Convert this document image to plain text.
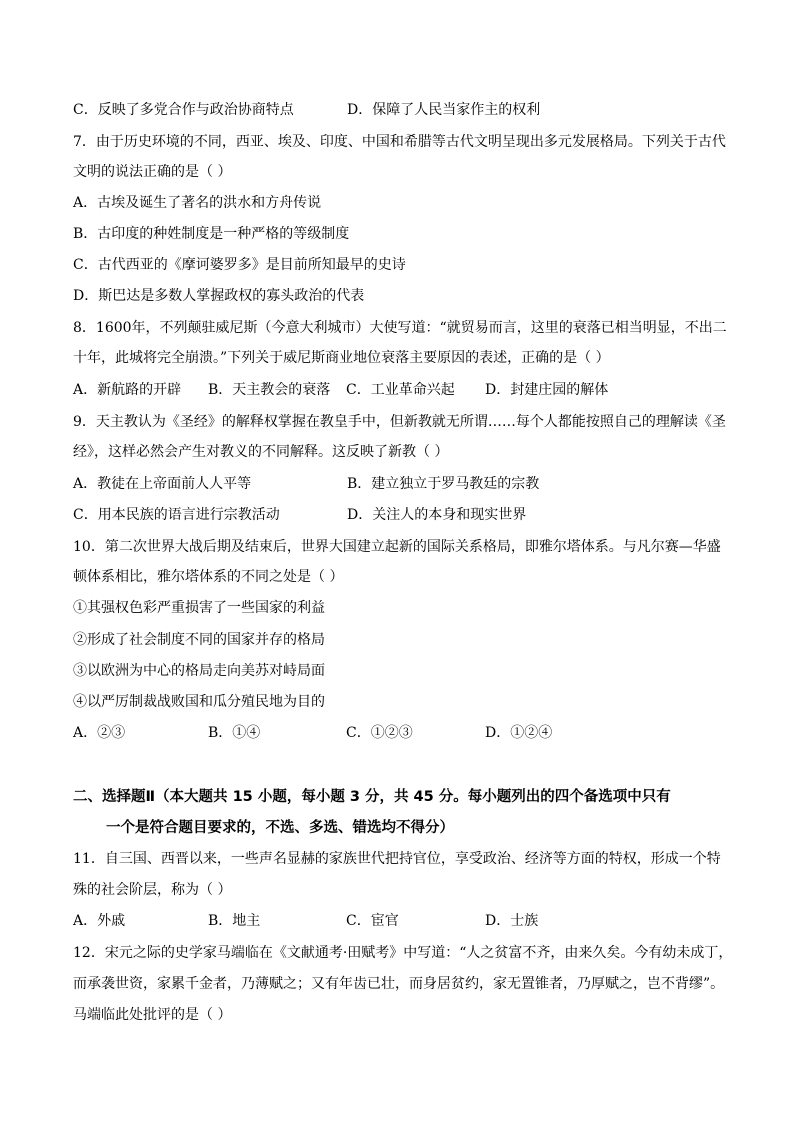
C．反映了多党合作与政治协商特点	D．保障了人民当家作主的权利
7．由于历史环境的不同，西亚、埃及、印度、中国和希腊等古代文明呈现出多元发展格局。下列关于古代
文明的说法正确的是（ ）
A．古埃及诞生了著名的洪水和方舟传说
B．古印度的种姓制度是一种严格的等级制度
C．古代西亚的《摩诃婆罗多》是目前所知最早的史诗
D．斯巴达是多数人掌握政权的寡头政治的代表
8．1600年，不列颠驻威尼斯（今意大利城市）大使写道：“就贸易而言，这里的衰落已相当明显，不出二
十年，此城将完全崩溃。”下列关于威尼斯商业地位衰落主要原因的表述，正确的是（ ）
A．新航路的开辟 B．天主教会的衰落 C．工业革命兴起 D．封建庄园的解体
9．天主教认为《圣经》的解释权掌握在教皇手中，但新教就无所谓……每个人都能按照自己的理解读《圣
经》，这样必然会产生对教义的不同解释。这反映了新教（ ）
A．教徒在上帝面前人人平等	B．建立独立于罗马教廷的宗教
C．用本民族的语言进行宗教活动	D．关注人的本身和现实世界
10．第二次世界大战后期及结束后，世界大国建立起新的国际关系格局，即雅尔塔体系。与凡尔赛—华盛
顿体系相比，雅尔塔体系的不同之处是（ ）
①其强权色彩严重损害了一些国家的利益
②形成了社会制度不同的国家并存的格局
③以欧洲为中心的格局走向美苏对峙局面
④以严厉制裁战败国和瓜分殖民地为目的
A．②③	B．①④	C．①②③	D．①②④
二、选择题Ⅱ（本大题共 15 小题，每小题 3 分，共 45 分。每小题列出的四个备选项中只有
一个是符合题目要求的，不选、多选、错选均不得分）
11．自三国、西晋以来，一些声名显赫的家族世代把持官位，享受政治、经济等方面的特权，形成一个特
殊的社会阶层，称为（ ）
A．外戚	B．地主	C．宦官	D．士族
12．宋元之际的史学家马端临在《文献通考·田赋考》中写道：“人之贫富不齐，由来久矣。今有幼未成丁，
而承袭世资，家累千金者，乃薄赋之；又有年齿已壮，而身居贫约，家无置锥者，乃厚赋之，岂不背缪”。
马端临此处批评的是（ ）
